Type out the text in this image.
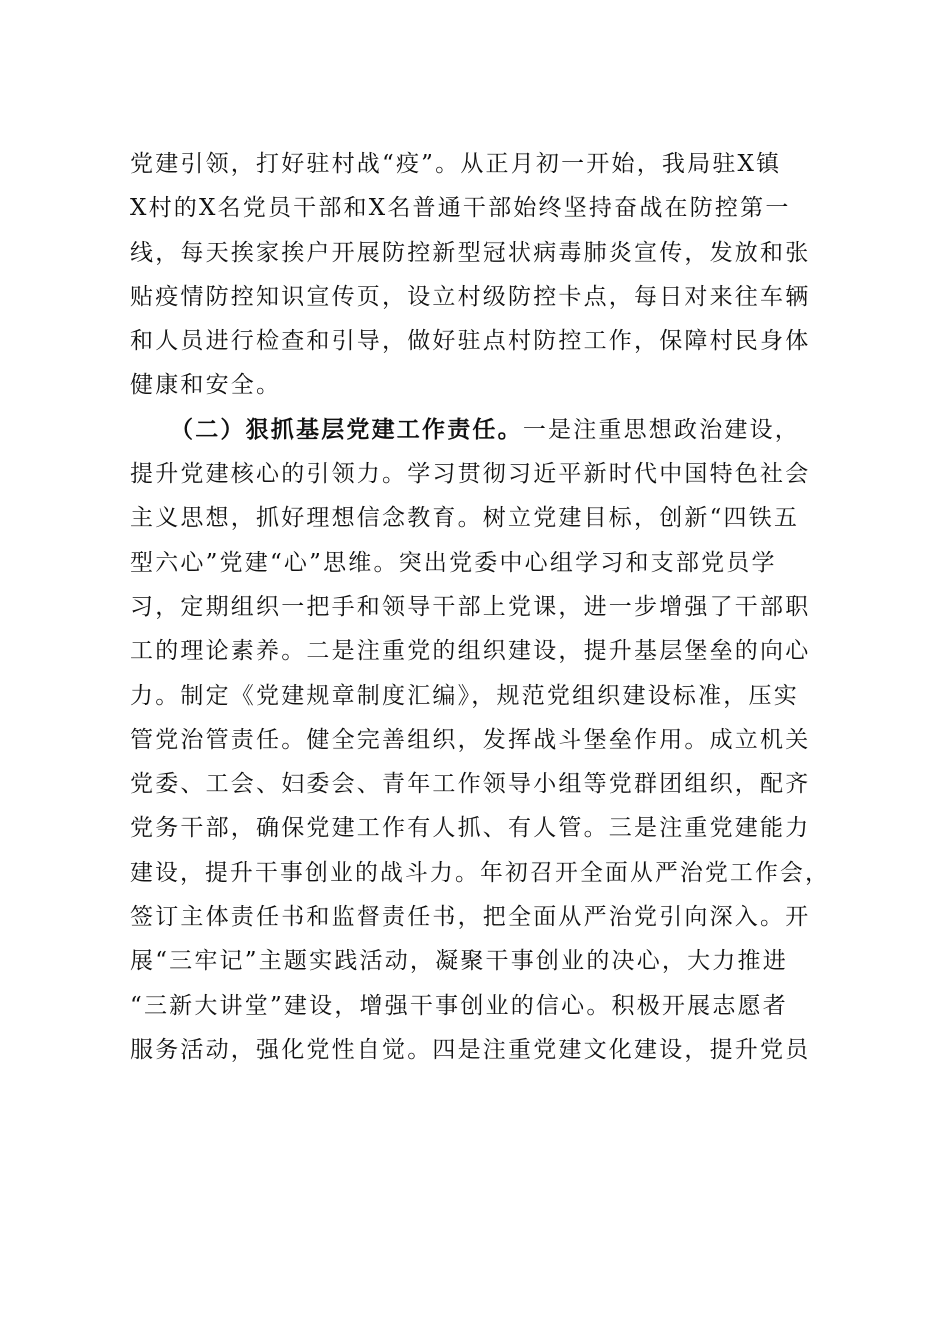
党建引领，打好驻村战“疫”。从正月初一开始，我局驻X镇
X村的X名党员干部和X名普通干部始终坚持奋战在防控第一
线，每天挨家挨户开展防控新型冠状病毒肺炎宣传，发放和张
贴疫情防控知识宣传页，设立村级防控卡点，每日对来往车辆
和人员进行检查和引导，做好驻点村防控工作，保障村民身体
健康和安全。
（二）狠抓基层党建工作责任。一是注重思想政治建设，
提升党建核心的引领力。学习贯彻习近平新时代中国特色社会
主义思想，抓好理想信念教育。树立党建目标，创新“四铁五
型六心”党建“心”思维。突出党委中心组学习和支部党员学
习，定期组织一把手和领导干部上党课，进一步增强了干部职
工的理论素养。二是注重党的组织建设，提升基层堡垒的向心
力。制定《党建规章制度汇编》，规范党组织建设标准，压实
管党治管责任。健全完善组织，发挥战斗堡垒作用。成立机关
党委、工会、妇委会、青年工作领导小组等党群团组织，配齐
党务干部，确保党建工作有人抓、有人管。三是注重党建能力
建设，提升干事创业的战斗力。年初召开全面从严治党工作会，
签订主体责任书和监督责任书，把全面从严治党引向深入。开
展“三牢记”主题实践活动，凝聚干事创业的决心，大力推进
“三新大讲堂”建设，增强干事创业的信心。积极开展志愿者
服务活动，强化党性自觉。四是注重党建文化建设，提升党员
